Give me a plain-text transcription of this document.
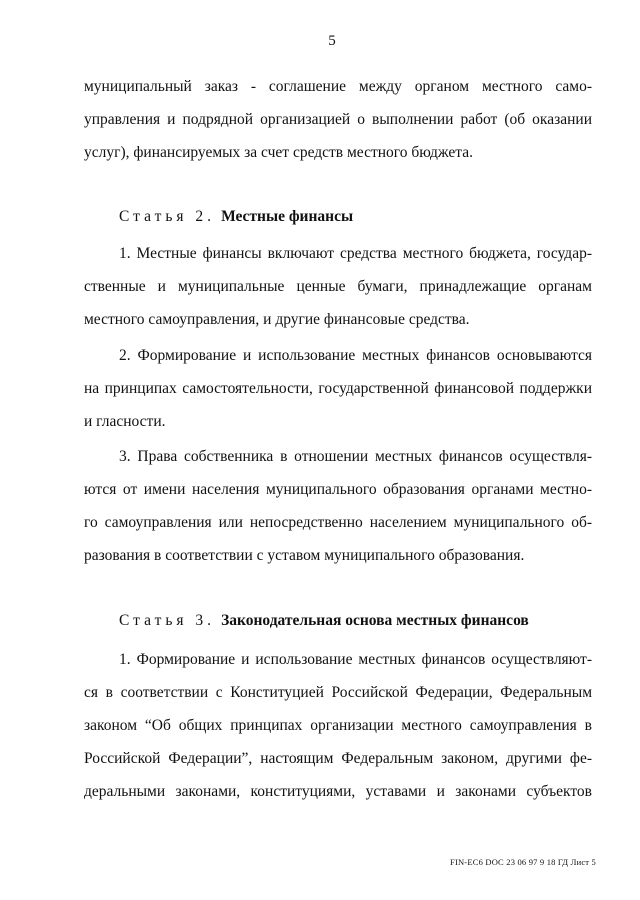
5
муниципальный заказ - соглашение между органом местного само-
управления и подрядной организацией о выполнении работ (об оказании
услуг), финансируемых за счет средств местного бюджета.
Статья 2. Местные финансы
1. Местные финансы включают средства местного бюджета, государ-
ственные и муниципальные ценные бумаги, принадлежащие органам
местного самоуправления, и другие финансовые средства.
2. Формирование и использование местных финансов основываются
на принципах самостоятельности, государственной финансовой поддержки
и гласности.
3. Права собственника в отношении местных финансов осуществля-
ются от имени населения муниципального образования органами местно-
го самоуправления или непосредственно населением муниципального об-
разования в соответствии с уставом муниципального образования.
Статья 3. Законодательная основа местных финансов
1. Формирование и использование местных финансов осуществляют-
ся в соответствии с Конституцией Российской Федерации, Федеральным
законом “Об общих принципах организации местного самоуправления в
Российской Федерации”, настоящим Федеральным законом, другими фе-
деральными законами, конституциями, уставами и законами субъектов
FIN-EC6 DOC 23 06 97 9 18 ГД Лист 5
